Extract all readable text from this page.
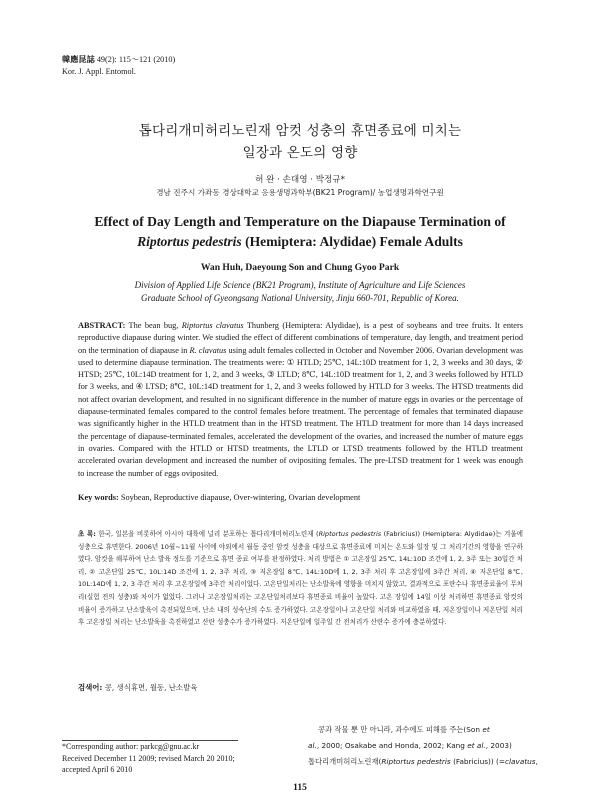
韓應昆誌 49(2): 115～121 (2010)
Kor. J. Appl. Entomol.
톱다리개미허리노린재 암컷 성충의 휴면종료에 미치는
일장과 온도의 영향
허 완 · 손대영 · 박정규*
경남 진주시 가좌동 경상대학교 응용생명과학부(BK21 Program)/ 농업생명과학연구원
Effect of Day Length and Temperature on the Diapause Termination of
Riptortus pedestris (Hemiptera: Alydidae) Female Adults
Wan Huh, Daeyoung Son and Chung Gyoo Park
Division of Applied Life Science (BK21 Program), Institute of Agriculture and Life Sciences
Graduate School of Gyeongsang National University, Jinju 660-701, Republic of Korea.
ABSTRACT: The bean bug, Riptortus clavatus Thunberg (Hemiptera: Alydidae), is a pest of soybeans and tree fruits. It enters reproductive diapause during winter. We studied the effect of different combinations of temperature, day length, and treatment period on the termination of diapause in R. clavatus using adult females collected in October and November 2006. Ovarian development was used to determine diapause termination. The treatments were: ① HTLD; 25℃, 14L:10D treatment for 1, 2, 3 weeks and 30 days, ② HTSD; 25℃, 10L:14D treatment for 1, 2, and 3 weeks, ③ LTLD; 8℃, 14L:10D treatment for 1, 2, and 3 weeks followed by HTLD for 3 weeks, and ④ LTSD; 8℃, 10L:14D treatment for 1, 2, and 3 weeks followed by HTLD for 3 weeks. The HTSD treatments did not affect ovarian development, and resulted in no significant difference in the number of mature eggs in ovaries or the percentage of diapause-terminated females compared to the control females before treatment. The percentage of females that terminated diapause was significantly higher in the HTLD treatment than in the HTSD treatment. The HTLD treatment for more than 14 days increased the percentage of diapause-terminated females, accelerated the development of the ovaries, and increased the number of mature eggs in ovaries. Compared with the HTLD or HTSD treatments, the LTLD or LTSD treatments followed by the HTLD treatment accelerated ovarian development and increased the number of ovipositing females. The pre-LTSD treatment for 1 week was enough to increase the number of eggs oviposited.
Key words: Soybean, Reproductive diapause, Over-wintering, Ovarian development
초 록: 한국, 일본을 비롯하여 아시아 대륙에 널리 분포하는 톱다리개미허리노린재 (Riptortus pedestris (Fabricius)) (Hemiptera: Alydidae)는 겨울에 성충으로 휴면한다. 2006년 10월~11월 사이에 야외에서 월동 중인 암컷 성충을 대상으로 휴면종료에 미치는 온도와 일장 및 그 처리기간의 영향을 연구하였다. 암컷을 해부하여 난소 발육 정도를 기준으로 휴면 종료 여부를 판정하였다. 처리 방법은 ① 고온장일 25℃, 14L:10D 조건에 1, 2, 3주 또는 30일간 처리, ② 고온단일 25℃, 10L:14D 조건에 1, 2, 3주 처리, ③ 저온장일 8℃, 14L:10D에 1, 2, 3주 처리 후 고온장일에 3주간 처리, ④ 저온단일 8℃, 10L:14D에 1, 2, 3 주간 처리 후 고온장일에 3주간 처리이었다. 고온단일처리는 난소발육에 영향을 미치지 않았고, 결과적으로 포란수나 휴면종료율이 무처리(실험 전의 성충)와 차이가 없었다. 그러나 고온장일처리는 고온단일처리보다 휴면종료 비율이 높았다. 고온 장일에 14일 이상 처리하면 휴면종료 암컷의 비율이 증가하고 난소발육이 촉진되었으며, 난소 내의 성숙난의 수도 증가하였다. 고온장일이나 고온단일 처리와 비교하였을 때, 저온장일이나 저온단일 처리 후 고온장일 처리는 난소발육을 촉진하였고 산란 성충수가 증가하였다. 저온단일에 일주일 간 전처리가 산란수 증가에 충분하였다.
검색어: 콩, 생식휴면, 월동, 난소발육
*Corresponding author: parkcg@gnu.ac.kr
Received December 11 2009; revised March 20 2010;
accepted April 6 2010
콩과 작물 뿐 만 아니라, 과수에도 피해를 주는(Son et
al., 2000; Osakabe and Honda, 2002; Kang et al., 2003)
톱다리개미허리노린재(Riptortus pedestris (Fabricius)) (=clavatus,
115
